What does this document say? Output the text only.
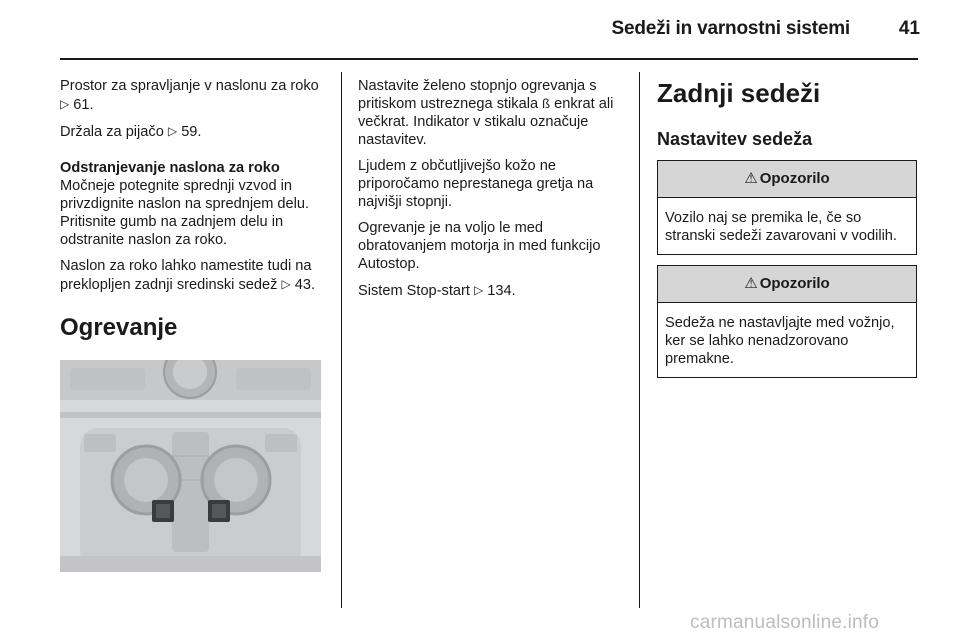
Sedeži in varnostni sistemi	41

Prostor za spravljanje v naslonu za roko ▷ 61.

Držala za pijačo ▷ 59.

Odstranjevanje naslona za roko

Močneje potegnite sprednji vzvod in privzdignite naslon na sprednjem delu. Pritisnite gumb na zadnjem delu in odstranite naslon za roko.

Naslon za roko lahko namestite tudi na preklopljen zadnji sredinski sedež ▷ 43.

Ogrevanje

Nastavite želeno stopnjo ogrevanja s pritiskom ustreznega stikala ß enkrat ali večkrat. Indikator v stikalu označuje nastavitev.

Ljudem z občutljivejšo kožo ne priporočamo neprestanega gretja na najvišji stopnji.

Ogrevanje je na voljo le med obratovanjem motorja in med funkcijo Autostop.

Sistem Stop-start ▷ 134.

Zadnji sedeži
Nastavitev sedeža
⚠ Opozorilo
Vozilo naj se premika le, če so stranski sedeži zavarovani v vodilih.
⚠ Opozorilo
Sedeža ne nastavljajte med vožnjo, ker se lahko nenadzorovano premakne.
carmanualsonline.info
